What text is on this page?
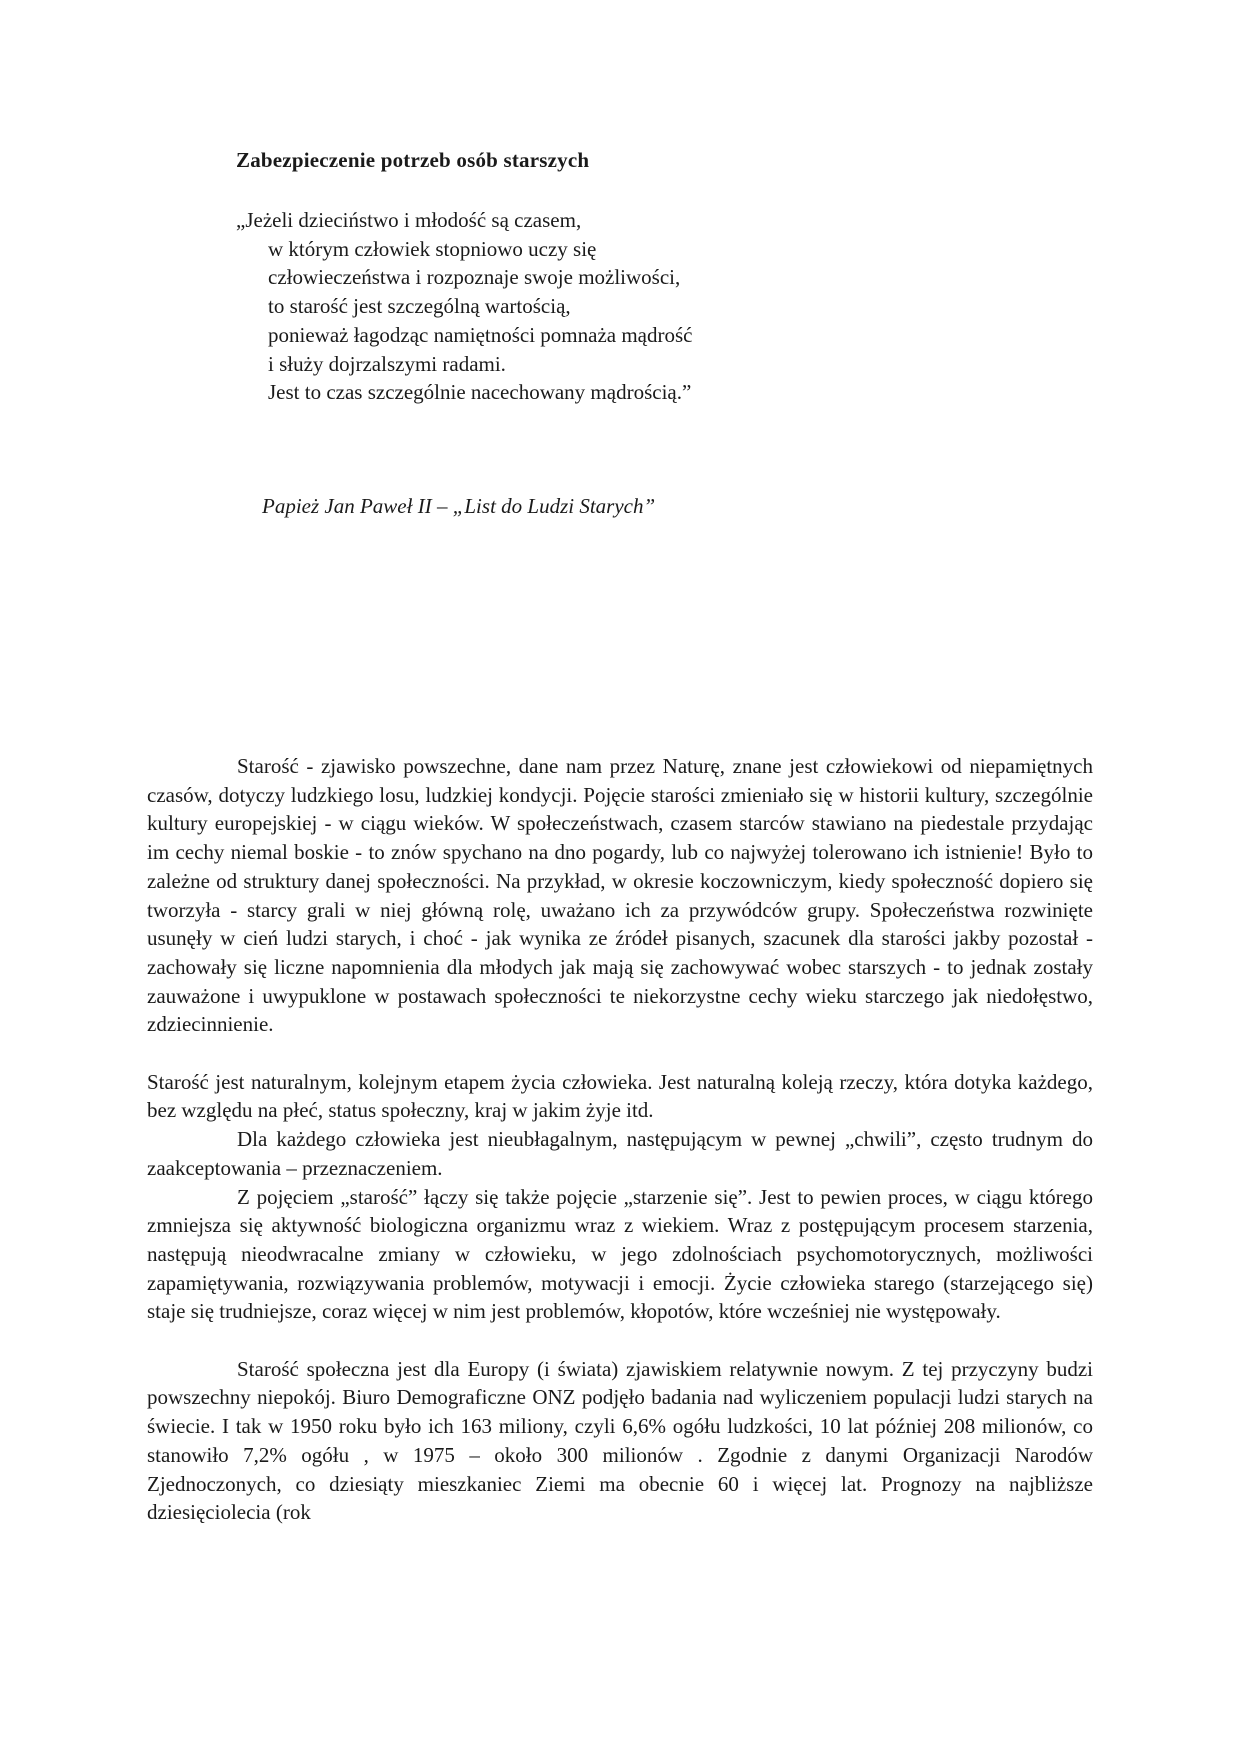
Zabezpieczenie potrzeb osób starszych
„Jeżeli dzieciństwo i młodość są czasem,
w którym człowiek stopniowo uczy się
człowieczeństwa i rozpoznaje swoje możliwości,
to starość jest szczególną wartością,
ponieważ łagodząc namiętności pomnaża mądrość
i służy dojrzalszymi radami.
Jest to czas szczególnie nacechowany mądrością.”
Papież Jan Paweł II – „List do Ludzi Starych”

Starość - zjawisko powszechne, dane nam przez Naturę, znane jest człowiekowi od niepamiętnych czasów, dotyczy ludzkiego losu, ludzkiej kondycji. Pojęcie starości zmieniało się w historii kultury, szczególnie kultury europejskiej - w ciągu wieków. W społeczeństwach, czasem starców stawiano na piedestale przydając im cechy niemal boskie - to znów spychano na dno pogardy, lub co najwyżej tolerowano ich istnienie! Było to zależne od struktury danej społeczności. Na przykład, w okresie koczowniczym, kiedy społeczność dopiero się tworzyła - starcy grali w niej główną rolę, uważano ich za przywódców grupy. Społeczeństwa rozwinięte usunęły w cień ludzi starych, i choć - jak wynika ze źródeł pisanych, szacunek dla starości jakby pozostał - zachowały się liczne napomnienia dla młodych jak mają się zachowywać wobec starszych - to jednak zostały zauważone i uwypuklone w postawach społeczności te niekorzystne cechy wieku starczego jak niedołęstwo, zdziecinnienie.

Starość jest naturalnym, kolejnym etapem życia człowieka. Jest naturalną koleją rzeczy, która dotyka każdego, bez względu na płeć, status społeczny, kraj w jakim żyje itd.

Dla każdego człowieka jest nieubłagalnym, następującym w pewnej „chwili”, często trudnym do zaakceptowania – przeznaczeniem.

Z pojęciem „starość” łączy się także pojęcie „starzenie się”. Jest to pewien proces, w ciągu którego zmniejsza się aktywność biologiczna organizmu wraz z wiekiem. Wraz z postępującym procesem starzenia, następują nieodwracalne zmiany w człowieku, w jego zdolnościach psychomotorycznych, możliwości zapamiętywania, rozwiązywania problemów, motywacji i emocji. Życie człowieka starego (starzejącego się) staje się trudniejsze, coraz więcej w nim jest problemów, kłopotów, które wcześniej nie występowały.

Starość społeczna jest dla Europy (i świata) zjawiskiem relatywnie nowym. Z tej przyczyny budzi powszechny niepokój. Biuro Demograficzne ONZ podjęło badania nad wyliczeniem populacji ludzi starych na świecie. I tak w 1950 roku było ich 163 miliony, czyli 6,6% ogółu ludzkości, 10 lat później 208 milionów, co stanowiło 7,2% ogółu , w 1975 – około 300 milionów . Zgodnie z danymi Organizacji Narodów Zjednoczonych, co dziesiąty mieszkaniec Ziemi ma obecnie 60 i więcej lat. Prognozy na najbliższe dziesięciolecia (rok
